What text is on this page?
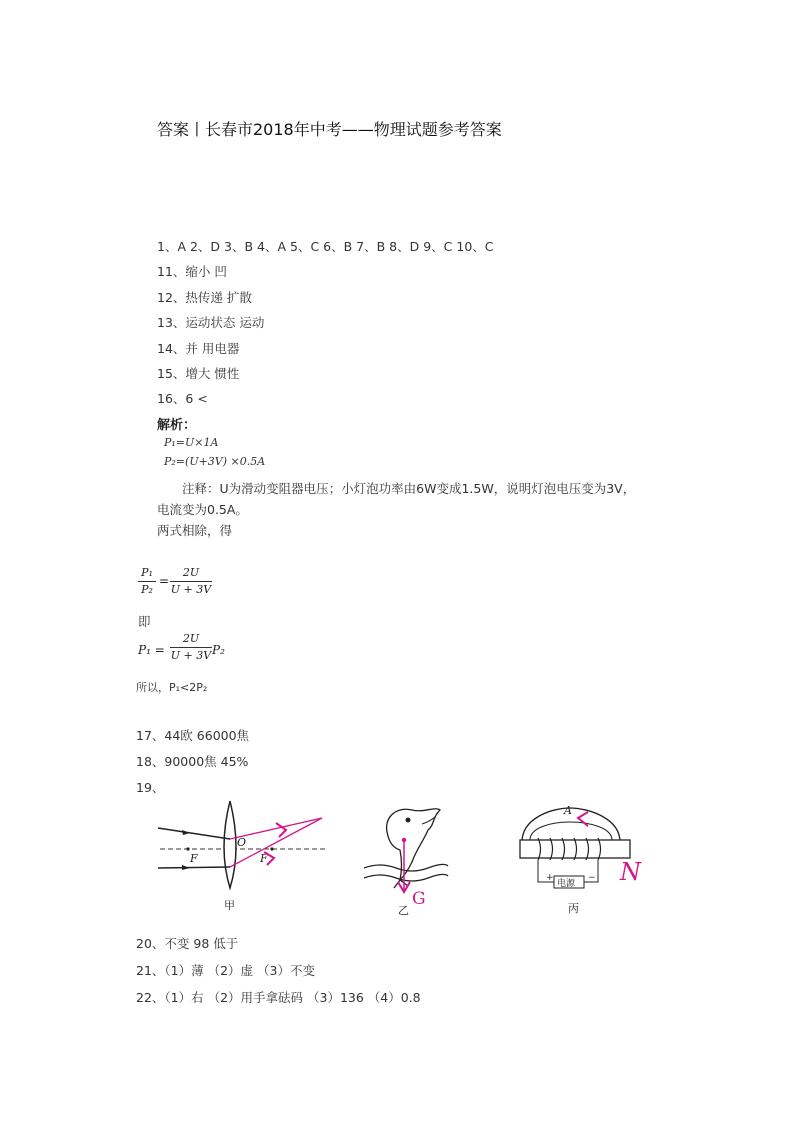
答案丨长春市2018年中考——物理试题参考答案
1、A 2、D 3、B 4、A 5、C 6、B 7、B 8、D 9、C 10、C
11、缩小 凹
12、热传递 扩散
13、运动状态 运动
14、并 用电器
15、增大 惯性
16、6 <
解析：
P₁=U×1A
P₂=(U+3V) ×0.5A
注释：U为滑动变阻器电压；小灯泡功率由6W变成1.5W，说明灯泡电压变为3V，
电流变为0.5A。
两式相除，得
P₁
P₂
=
2U
U + 3V
即
P₁ =
2U
U + 3V P₂
所以，P₁<2P₂
17、44欧 66000焦
18、90000焦 45%
19、
F	F
O
甲	G
乙
A
电源
+	− N
丙
20、不变 98 低于
21、（1）薄 （2）虚 （3）不变
22、（1）右 （2）用手拿砝码 （3）136 （4）0.8
